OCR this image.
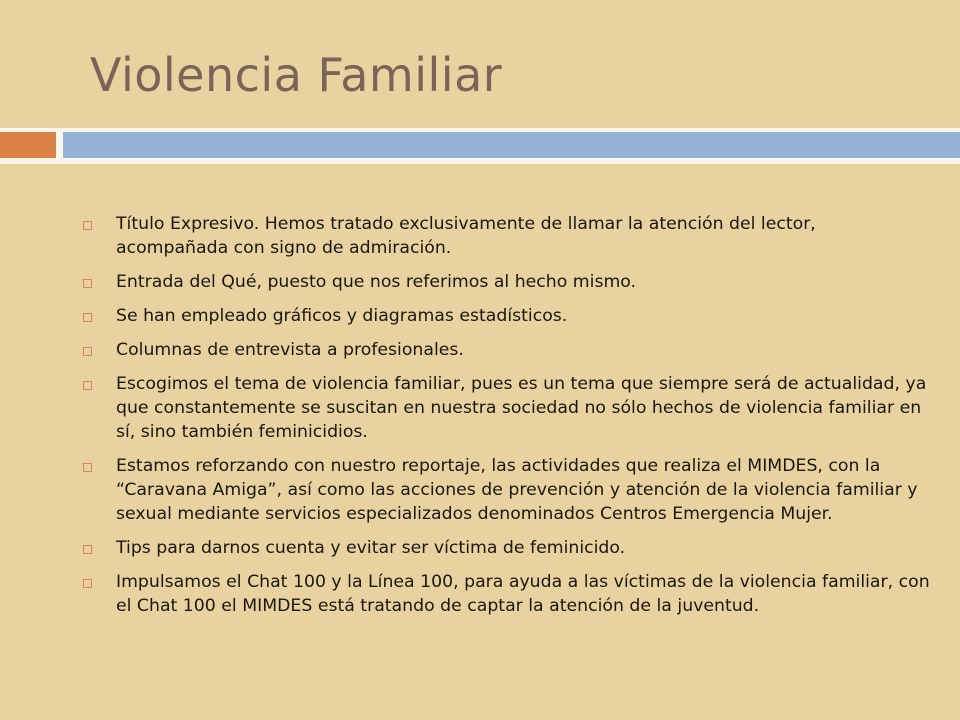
Violencia Familiar
Título Expresivo. Hemos tratado exclusivamente de llamar la atención del lector, acompañada con signo de admiración.
Entrada del Qué, puesto que nos referimos al hecho mismo.
Se han empleado gráficos y diagramas estadísticos.
Columnas de entrevista a profesionales.
Escogimos el tema de violencia familiar, pues es un tema que siempre será de actualidad, ya que constantemente se suscitan en nuestra sociedad no sólo hechos de violencia familiar en sí, sino también feminicidios.
Estamos reforzando con nuestro reportaje, las actividades que realiza el MIMDES, con la “Caravana Amiga”, así como las acciones de prevención y atención de la violencia familiar y sexual mediante servicios especializados denominados Centros Emergencia Mujer.
Tips para darnos cuenta y evitar ser víctima de feminicido.
Impulsamos el Chat 100 y la Línea 100, para ayuda a las víctimas de la violencia familiar, con el Chat 100 el MIMDES está tratando de captar la atención de la juventud.
